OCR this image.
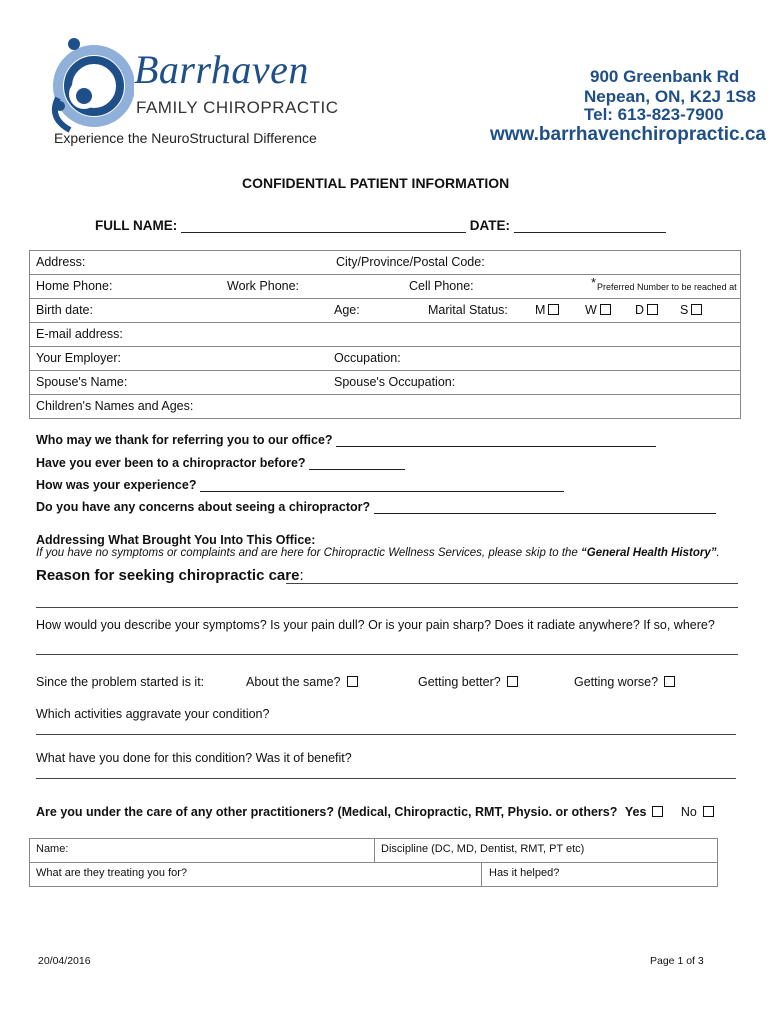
Barrhaven
FAMILY CHIROPRACTIC
Experience the NeuroStructural Difference
900 Greenbank Rd
Nepean, ON, K2J 1S8
Tel: 613-823-7900
www.barrhavenchiropractic.ca
CONFIDENTIAL PATIENT INFORMATION
FULL NAME:	DATE:
Address:	City/Province/Postal Code:

Home Phone:	Work Phone:	Cell Phone:	* Preferred Number to be reached at

Birth date:	Age:	Marital Status: M	W	D	S

E-mail address:

Your Employer:	Occupation:

Spouse's Name:	Spouse's Occupation:

Children's Names and Ages:
Who may we thank for referring you to our office?
Have you ever been to a chiropractor before?
How was your experience?
Do you have any concerns about seeing a chiropractor?
Addressing What Brought You Into This Office:
If you have no symptoms or complaints and are here for Chiropractic Wellness Services, please skip to the “General Health History”.
Reason for seeking chiropractic care:
How would you describe your symptoms? Is your pain dull? Or is your pain sharp? Does it radiate anywhere? If so, where?
Since the problem started is it:	About the same?	Getting better?	Getting worse?
Which activities aggravate your condition?
What have you done for this condition? Was it of benefit?
Are you under the care of any other practitioners? (Medical, Chiropractic, RMT, Physio. or others? Yes	No
Name:	Discipline (DC, MD, Dentist, RMT, PT etc)

What are they treating you for?	Has it helped?
20/04/2016	Page 1 of 3
